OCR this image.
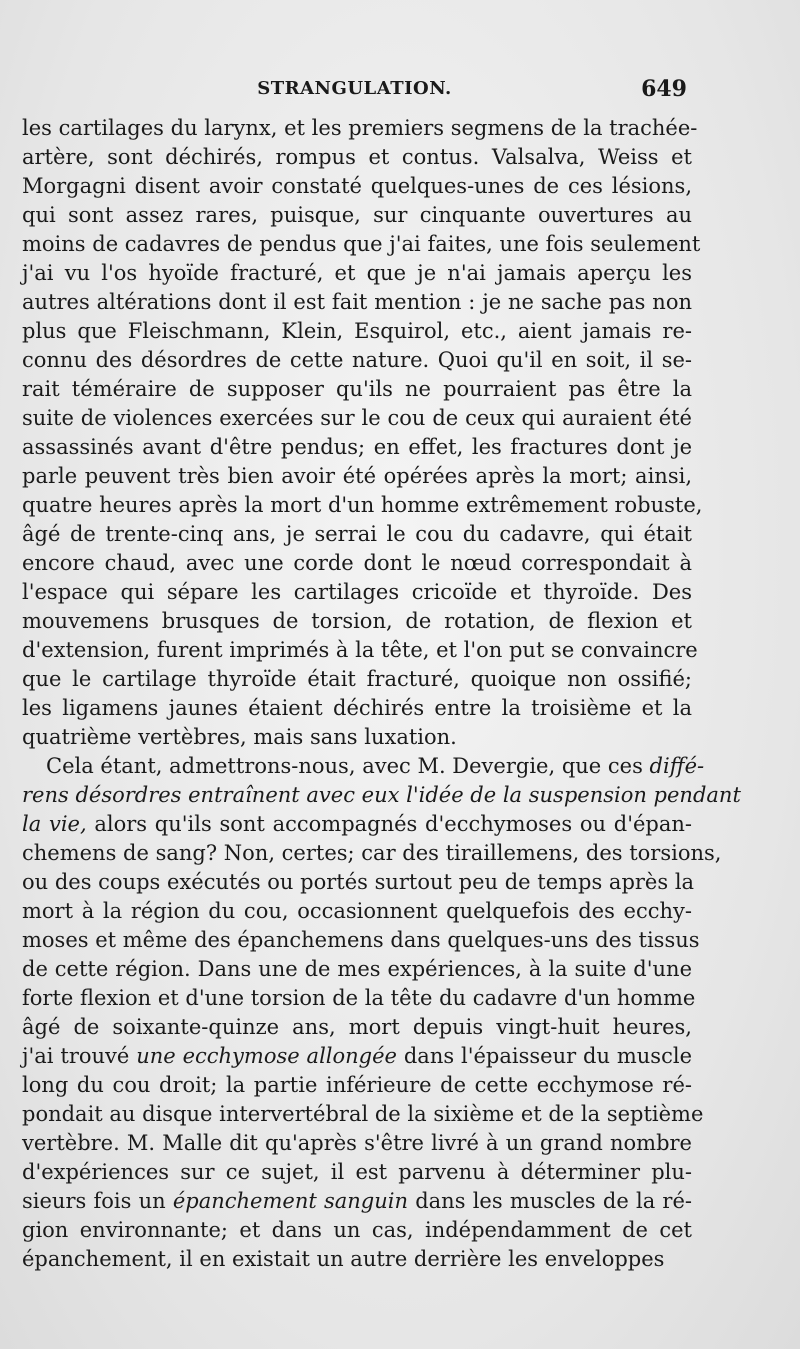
STRANGULATION.	649
les cartilages du larynx, et les premiers segmens de la trachée-
artère, sont déchirés, rompus et contus. Valsalva, Weiss et
Morgagni disent avoir constaté quelques-unes de ces lésions,
qui sont assez rares, puisque, sur cinquante ouvertures au
moins de cadavres de pendus que j'ai faites, une fois seulement
j'ai vu l'os hyoïde fracturé, et que je n'ai jamais aperçu les
autres altérations dont il est fait mention : je ne sache pas non
plus que Fleischmann, Klein, Esquirol, etc., aient jamais re-
connu des désordres de cette nature. Quoi qu'il en soit, il se-
rait téméraire de supposer qu'ils ne pourraient pas être la
suite de violences exercées sur le cou de ceux qui auraient été
assassinés avant d'être pendus; en effet, les fractures dont je
parle peuvent très bien avoir été opérées après la mort; ainsi,
quatre heures après la mort d'un homme extrêmement robuste,
âgé de trente-cinq ans, je serrai le cou du cadavre, qui était
encore chaud, avec une corde dont le nœud correspondait à
l'espace qui sépare les cartilages cricoïde et thyroïde. Des
mouvemens brusques de torsion, de rotation, de flexion et
d'extension, furent imprimés à la tête, et l'on put se convaincre
que le cartilage thyroïde était fracturé, quoique non ossifié;
les ligamens jaunes étaient déchirés entre la troisième et la
quatrième vertèbres, mais sans luxation.
Cela étant, admettrons-nous, avec M. Devergie, que ces diffé-
rens désordres entraînent avec eux l'idée de la suspension pendant
la vie, alors qu'ils sont accompagnés d'ecchymoses ou d'épan-
chemens de sang? Non, certes; car des tiraillemens, des torsions,
ou des coups exécutés ou portés surtout peu de temps après la
mort à la région du cou, occasionnent quelquefois des ecchy-
moses et même des épanchemens dans quelques-uns des tissus
de cette région. Dans une de mes expériences, à la suite d'une
forte flexion et d'une torsion de la tête du cadavre d'un homme
âgé de soixante-quinze ans, mort depuis vingt-huit heures,
j'ai trouvé une ecchymose allongée dans l'épaisseur du muscle
long du cou droit; la partie inférieure de cette ecchymose ré-
pondait au disque intervertébral de la sixième et de la septième
vertèbre. M. Malle dit qu'après s'être livré à un grand nombre
d'expériences sur ce sujet, il est parvenu à déterminer plu-
sieurs fois un épanchement sanguin dans les muscles de la ré-
gion environnante; et dans un cas, indépendamment de cet
épanchement, il en existait un autre derrière les enveloppes
